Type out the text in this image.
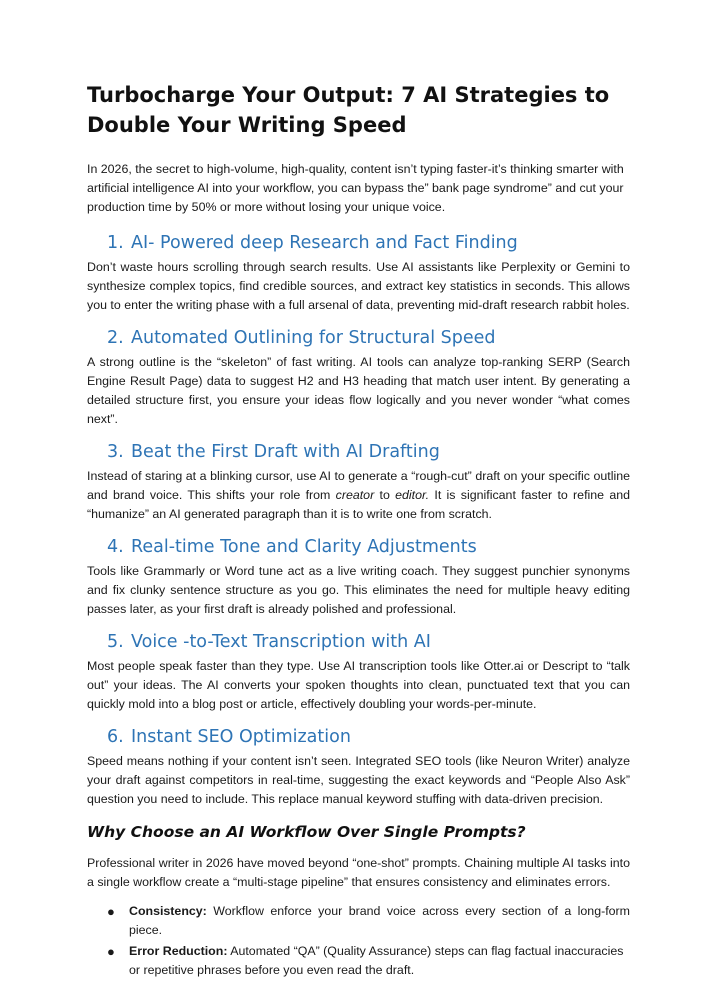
Turbocharge Your Output: 7 AI Strategies to Double Your Writing Speed

In 2026, the secret to high-volume, high-quality, content isn’t typing faster-it’s thinking smarter with artificial intelligence AI into your workflow, you can bypass the” bank page syndrome” and cut your production time by 50% or more without losing your unique voice.

1. AI- Powered deep Research and Fact Finding

Don’t waste hours scrolling through search results. Use AI assistants like Perplexity or Gemini to synthesize complex topics, find credible sources, and extract key statistics in seconds. This allows you to enter the writing phase with a full arsenal of data, preventing mid-draft research rabbit holes.

2. Automated Outlining for Structural Speed

A strong outline is the “skeleton” of fast writing. AI tools can analyze top-ranking SERP (Search Engine Result Page) data to suggest H2 and H3 heading that match user intent. By generating a detailed structure first, you ensure your ideas flow logically and you never wonder “what comes next”.

3. Beat the First Draft with AI Drafting

Instead of staring at a blinking cursor, use AI to generate a “rough-cut” draft on your specific outline and brand voice. This shifts your role from creator to editor. It is significant faster to refine and “humanize” an AI generated paragraph than it is to write one from scratch.

4. Real-time Tone and Clarity Adjustments

Tools like Grammarly or Word tune act as a live writing coach. They suggest punchier synonyms and fix clunky sentence structure as you go. This eliminates the need for multiple heavy editing passes later, as your first draft is already polished and professional.

5. Voice -to-Text Transcription with AI

Most people speak faster than they type. Use AI transcription tools like Otter.ai or Descript to “talk out” your ideas. The AI converts your spoken thoughts into clean, punctuated text that you can quickly mold into a blog post or article, effectively doubling your words-per-minute.

6. Instant SEO Optimization

Speed means nothing if your content isn’t seen. Integrated SEO tools (like Neuron Writer) analyze your draft against competitors in real-time, suggesting the exact keywords and “People Also Ask” question you need to include. This replace manual keyword stuffing with data-driven precision.

Why Choose an AI Workflow Over Single Prompts?

Professional writer in 2026 have moved beyond “one-shot” prompts. Chaining multiple AI tasks into a single workflow create a “multi-stage pipeline” that ensures consistency and eliminates errors.

● Consistency: Workflow enforce your brand voice across every section of a long-form piece.
● Error Reduction: Automated “QA” (Quality Assurance) steps can flag factual inaccuracies or repetitive phrases before you even read the draft.
